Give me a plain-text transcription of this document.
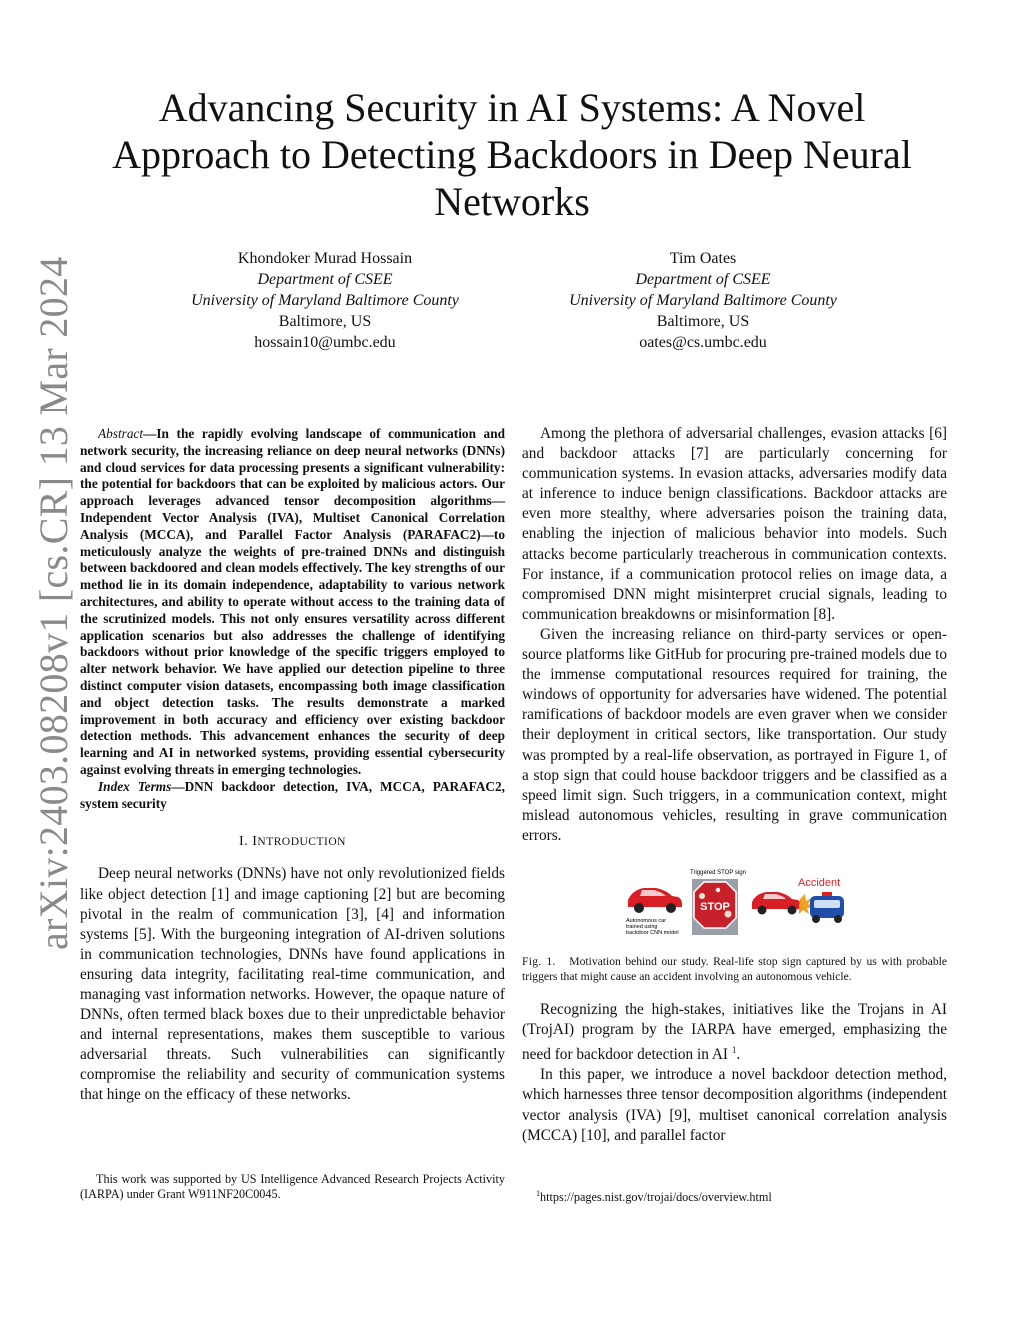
arXiv:2403.08208v1 [cs.CR] 13 Mar 2024
Advancing Security in AI Systems: A Novel Approach to Detecting Backdoors in Deep Neural Networks
Khondoker Murad Hossain
Department of CSEE
University of Maryland Baltimore County
Baltimore, US
hossain10@umbc.edu
Tim Oates
Department of CSEE
University of Maryland Baltimore County
Baltimore, US
oates@cs.umbc.edu

Abstract—In the rapidly evolving landscape of communication and network security, the increasing reliance on deep neural networks (DNNs) and cloud services for data processing presents a significant vulnerability: the potential for backdoors that can be exploited by malicious actors. Our approach leverages advanced tensor decomposition algorithms—Independent Vector Analysis (IVA), Multiset Canonical Correlation Analysis (MCCA), and Parallel Factor Analysis (PARAFAC2)—to meticulously analyze the weights of pre-trained DNNs and distinguish between backdoored and clean models effectively. The key strengths of our method lie in its domain independence, adaptability to various network architectures, and ability to operate without access to the training data of the scrutinized models. This not only ensures versatility across different application scenarios but also addresses the challenge of identifying backdoors without prior knowledge of the specific triggers employed to alter network behavior. We have applied our detection pipeline to three distinct computer vision datasets, encompassing both image classification and object detection tasks. The results demonstrate a marked improvement in both accuracy and efficiency over existing backdoor detection methods. This advancement enhances the security of deep learning and AI in networked systems, providing essential cybersecurity against evolving threats in emerging technologies.

Index Terms—DNN backdoor detection, IVA, MCCA, PARAFAC2, system security

I. INTRODUCTION

Deep neural networks (DNNs) have not only revolutionized fields like object detection [1] and image captioning [2] but are becoming pivotal in the realm of communication [3], [4] and information systems [5]. With the burgeoning integration of AI-driven solutions in communication technologies, DNNs have found applications in ensuring data integrity, facilitating real-time communication, and managing vast information networks. However, the opaque nature of DNNs, often termed black boxes due to their unpredictable behavior and internal representations, makes them susceptible to various adversarial threats. Such vulnerabilities can significantly compromise the reliability and security of communication systems that hinge on the efficacy of these networks.

This work was supported by US Intelligence Advanced Research Projects Activity (IARPA) under Grant W911NF20C0045.

Among the plethora of adversarial challenges, evasion attacks [6] and backdoor attacks [7] are particularly concerning for communication systems. In evasion attacks, adversaries modify data at inference to induce benign classifications. Backdoor attacks are even more stealthy, where adversaries poison the training data, enabling the injection of malicious behavior into models. Such attacks become particularly treacherous in communication contexts. For instance, if a communication protocol relies on image data, a compromised DNN might misinterpret crucial signals, leading to communication breakdowns or misinformation [8].

Given the increasing reliance on third-party services or open-source platforms like GitHub for procuring pre-trained models due to the immense computational resources required for training, the windows of opportunity for adversaries have widened. The potential ramifications of backdoor models are even graver when we consider their deployment in critical sectors, like transportation. Our study was prompted by a real-life observation, as portrayed in Figure 1, of a stop sign that could house backdoor triggers and be classified as a speed limit sign. Such triggers, in a communication context, might mislead autonomous vehicles, resulting in grave communication errors.

Autonomous car
trained using
backdoor CNN model
Triggered STOP sign
STOP
Accident
Fig. 1. Motivation behind our study. Real-life stop sign captured by us with probable triggers that might cause an accident involving an autonomous vehicle.

Recognizing the high-stakes, initiatives like the Trojans in AI (TrojAI) program by the IARPA have emerged, emphasizing the need for backdoor detection in AI $^1$.

In this paper, we introduce a novel backdoor detection method, which harnesses three tensor decomposition algorithms (independent vector analysis (IVA) [9], multiset canonical correlation analysis (MCCA) [10], and parallel factor

$^1$https://pages.nist.gov/trojai/docs/overview.html
